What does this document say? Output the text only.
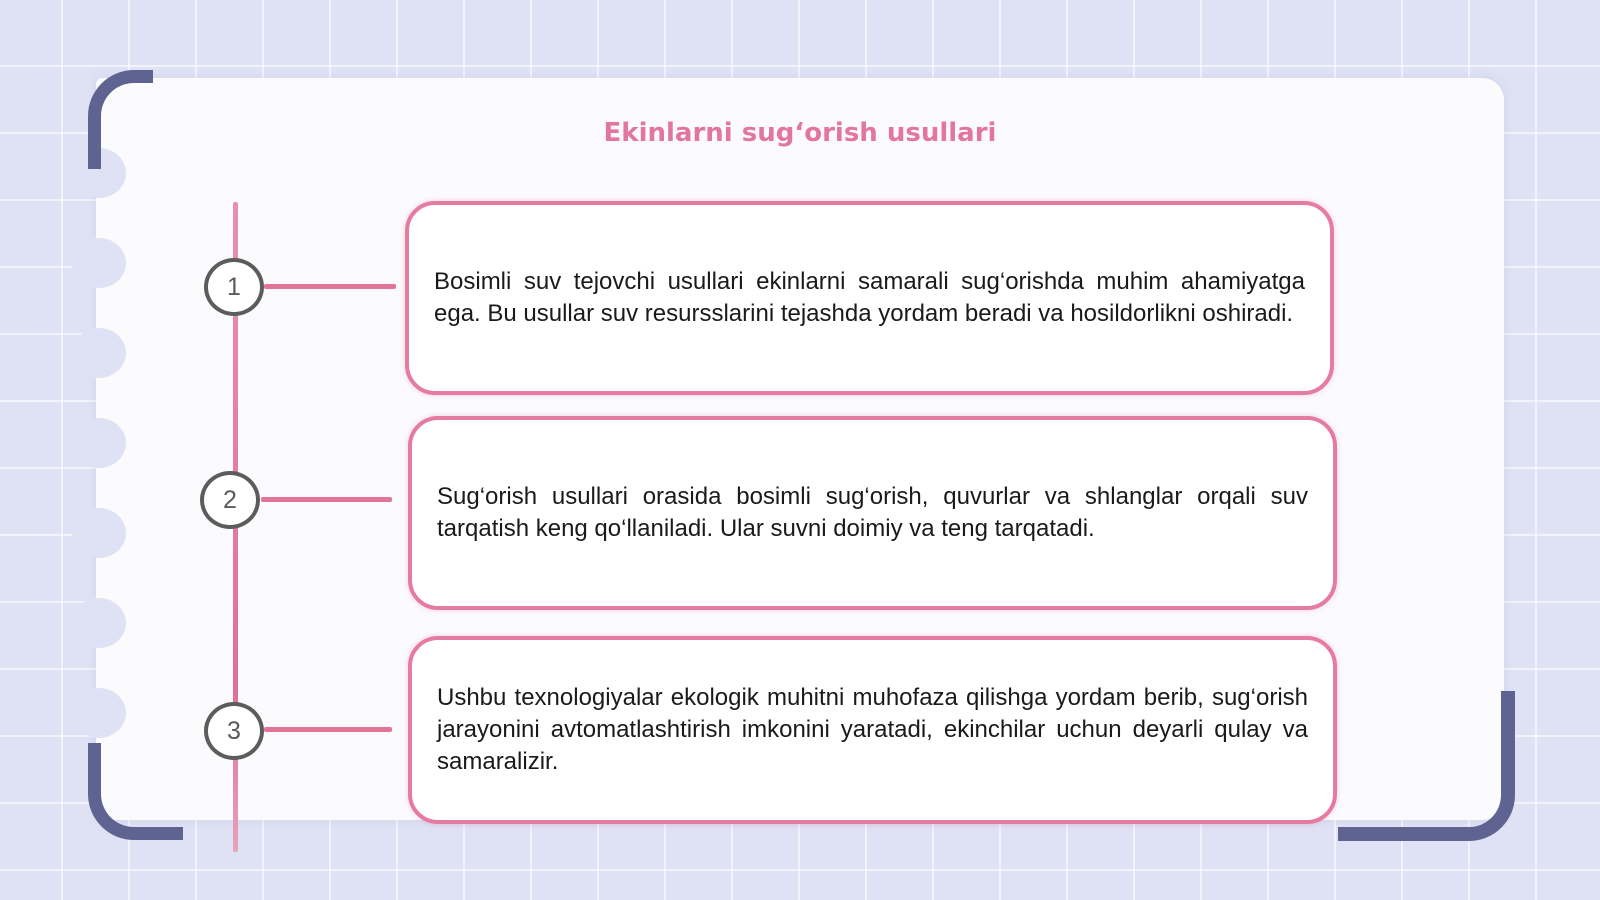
Ekinlarni sug‘orish usullari
1
2
3
Bosimli suv tejovchi usullari ekinlarni samarali sug‘orishda muhim ahamiyatga ega. Bu usullar suv resursslarini tejashda yordam beradi va hosildorlikni oshiradi.
Sug‘orish usullari orasida bosimli sug‘orish, quvurlar va shlanglar orqali suv tarqatish keng qo‘llaniladi. Ular suvni doimiy va teng tarqatadi.
Ushbu texnologiyalar ekologik muhitni muhofaza qilishga yordam berib, sug‘orish jarayonini avtomatlashtirish imkonini yaratadi, ekinchilar uchun deyarli qulay va samaralizir.
